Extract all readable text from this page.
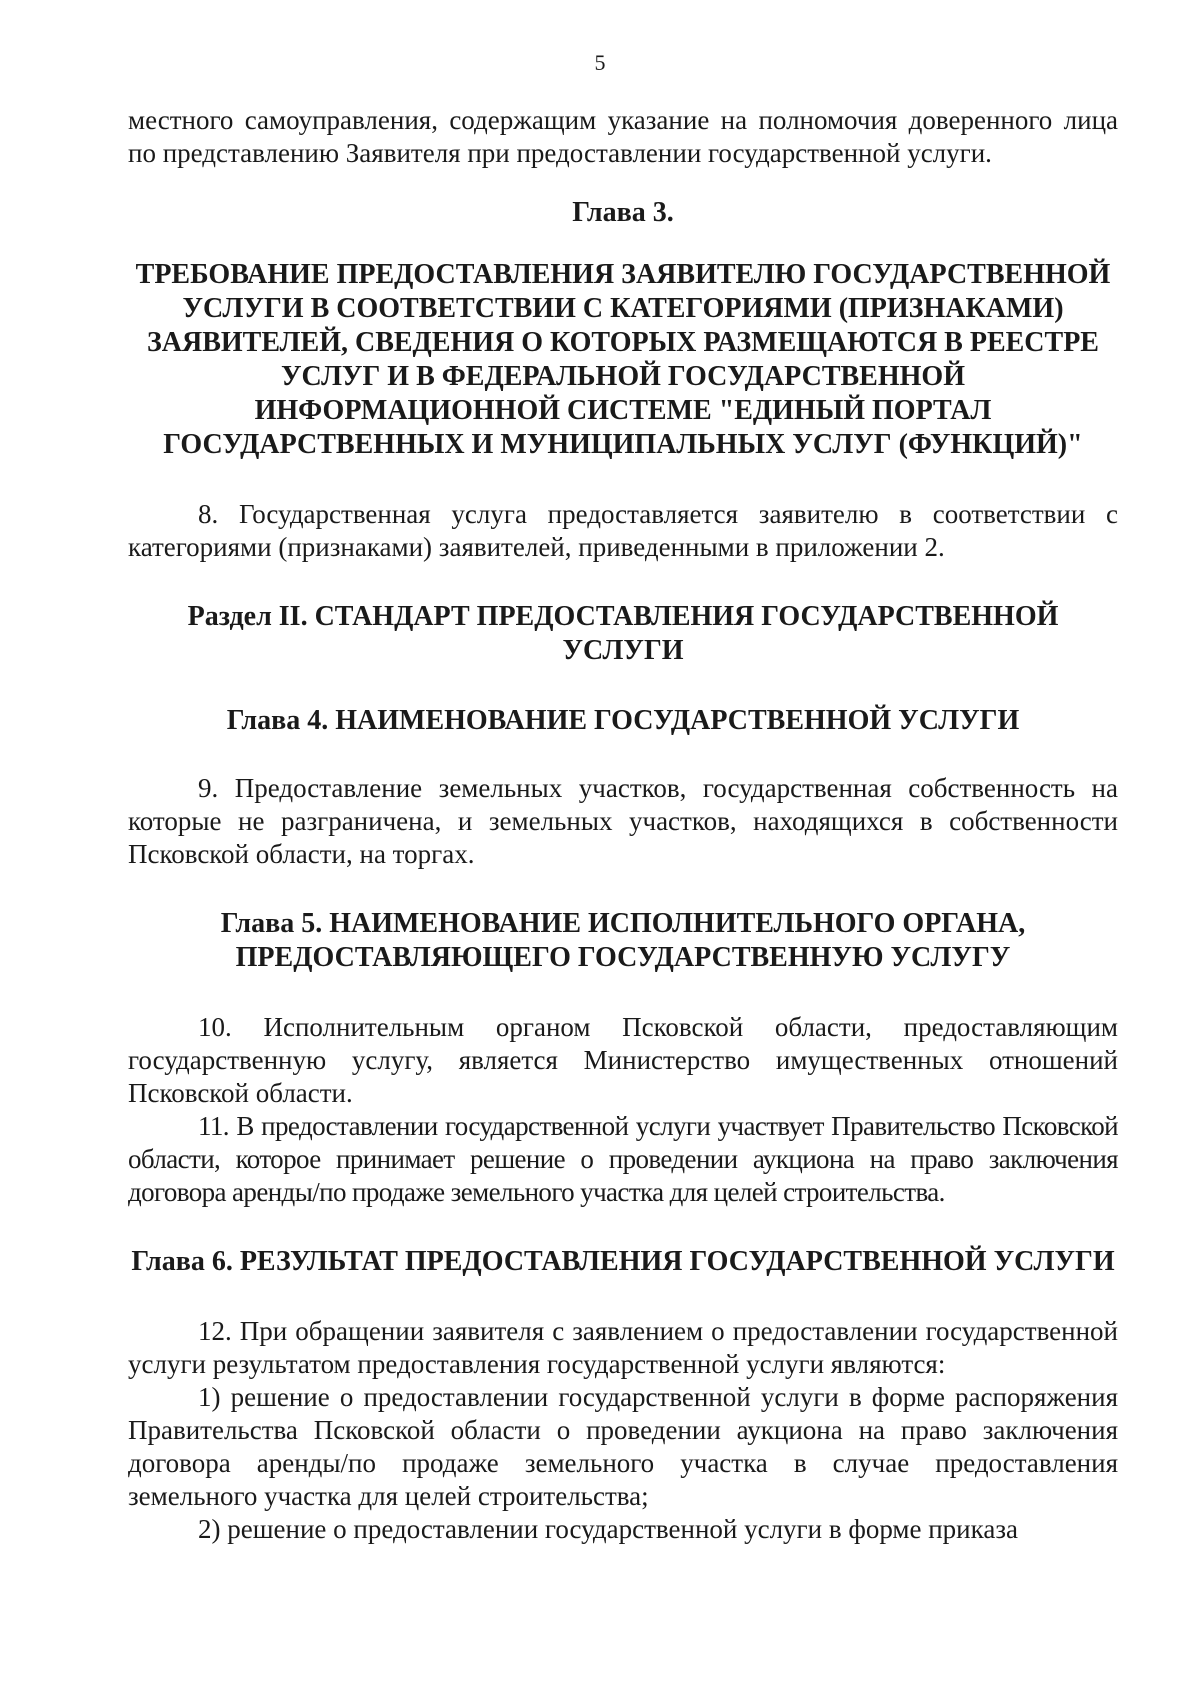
5

местного самоуправления, содержащим указание на полномочия доверенного лица по представлению Заявителя при предоставлении государственной услуги.

Глава 3.
ТРЕБОВАНИЕ ПРЕДОСТАВЛЕНИЯ ЗАЯВИТЕЛЮ ГОСУДАРСТВЕННОЙ УСЛУГИ В СООТВЕТСТВИИ С КАТЕГОРИЯМИ (ПРИЗНАКАМИ) ЗАЯВИТЕЛЕЙ, СВЕДЕНИЯ О КОТОРЫХ РАЗМЕЩАЮТСЯ В РЕЕСТРЕ УСЛУГ И В ФЕДЕРАЛЬНОЙ ГОСУДАРСТВЕННОЙ ИНФОРМАЦИОННОЙ СИСТЕМЕ "ЕДИНЫЙ ПОРТАЛ ГОСУДАРСТВЕННЫХ И МУНИЦИПАЛЬНЫХ УСЛУГ (ФУНКЦИЙ)"

8. Государственная услуга предоставляется заявителю в соответствии с категориями (признаками) заявителей, приведенными в приложении 2.

Раздел II. СТАНДАРТ ПРЕДОСТАВЛЕНИЯ ГОСУДАРСТВЕННОЙ УСЛУГИ
Глава 4. НАИМЕНОВАНИЕ ГОСУДАРСТВЕННОЙ УСЛУГИ

9. Предоставление земельных участков, государственная собственность на которые не разграничена, и земельных участков, находящихся в собственности Псковской области, на торгах.

Глава 5. НАИМЕНОВАНИЕ ИСПОЛНИТЕЛЬНОГО ОРГАНА, ПРЕДОСТАВЛЯЮЩЕГО ГОСУДАРСТВЕННУЮ УСЛУГУ

10. Исполнительным органом Псковской области, предоставляющим государственную услугу, является Министерство имущественных отношений Псковской области.

11. В предоставлении государственной услуги участвует Правительство Псковской области, которое принимает решение о проведении аукциона на право заключения договора аренды/по продаже земельного участка для целей строительства.

Глава 6. РЕЗУЛЬТАТ ПРЕДОСТАВЛЕНИЯ ГОСУДАРСТВЕННОЙ УСЛУГИ

12. При обращении заявителя с заявлением о предоставлении государственной услуги результатом предоставления государственной услуги являются:

1) решение о предоставлении государственной услуги в форме распоряжения Правительства Псковской области о проведении аукциона на право заключения договора аренды/по продаже земельного участка в случае предоставления земельного участка для целей строительства;

2) решение о предоставлении государственной услуги в форме приказа
